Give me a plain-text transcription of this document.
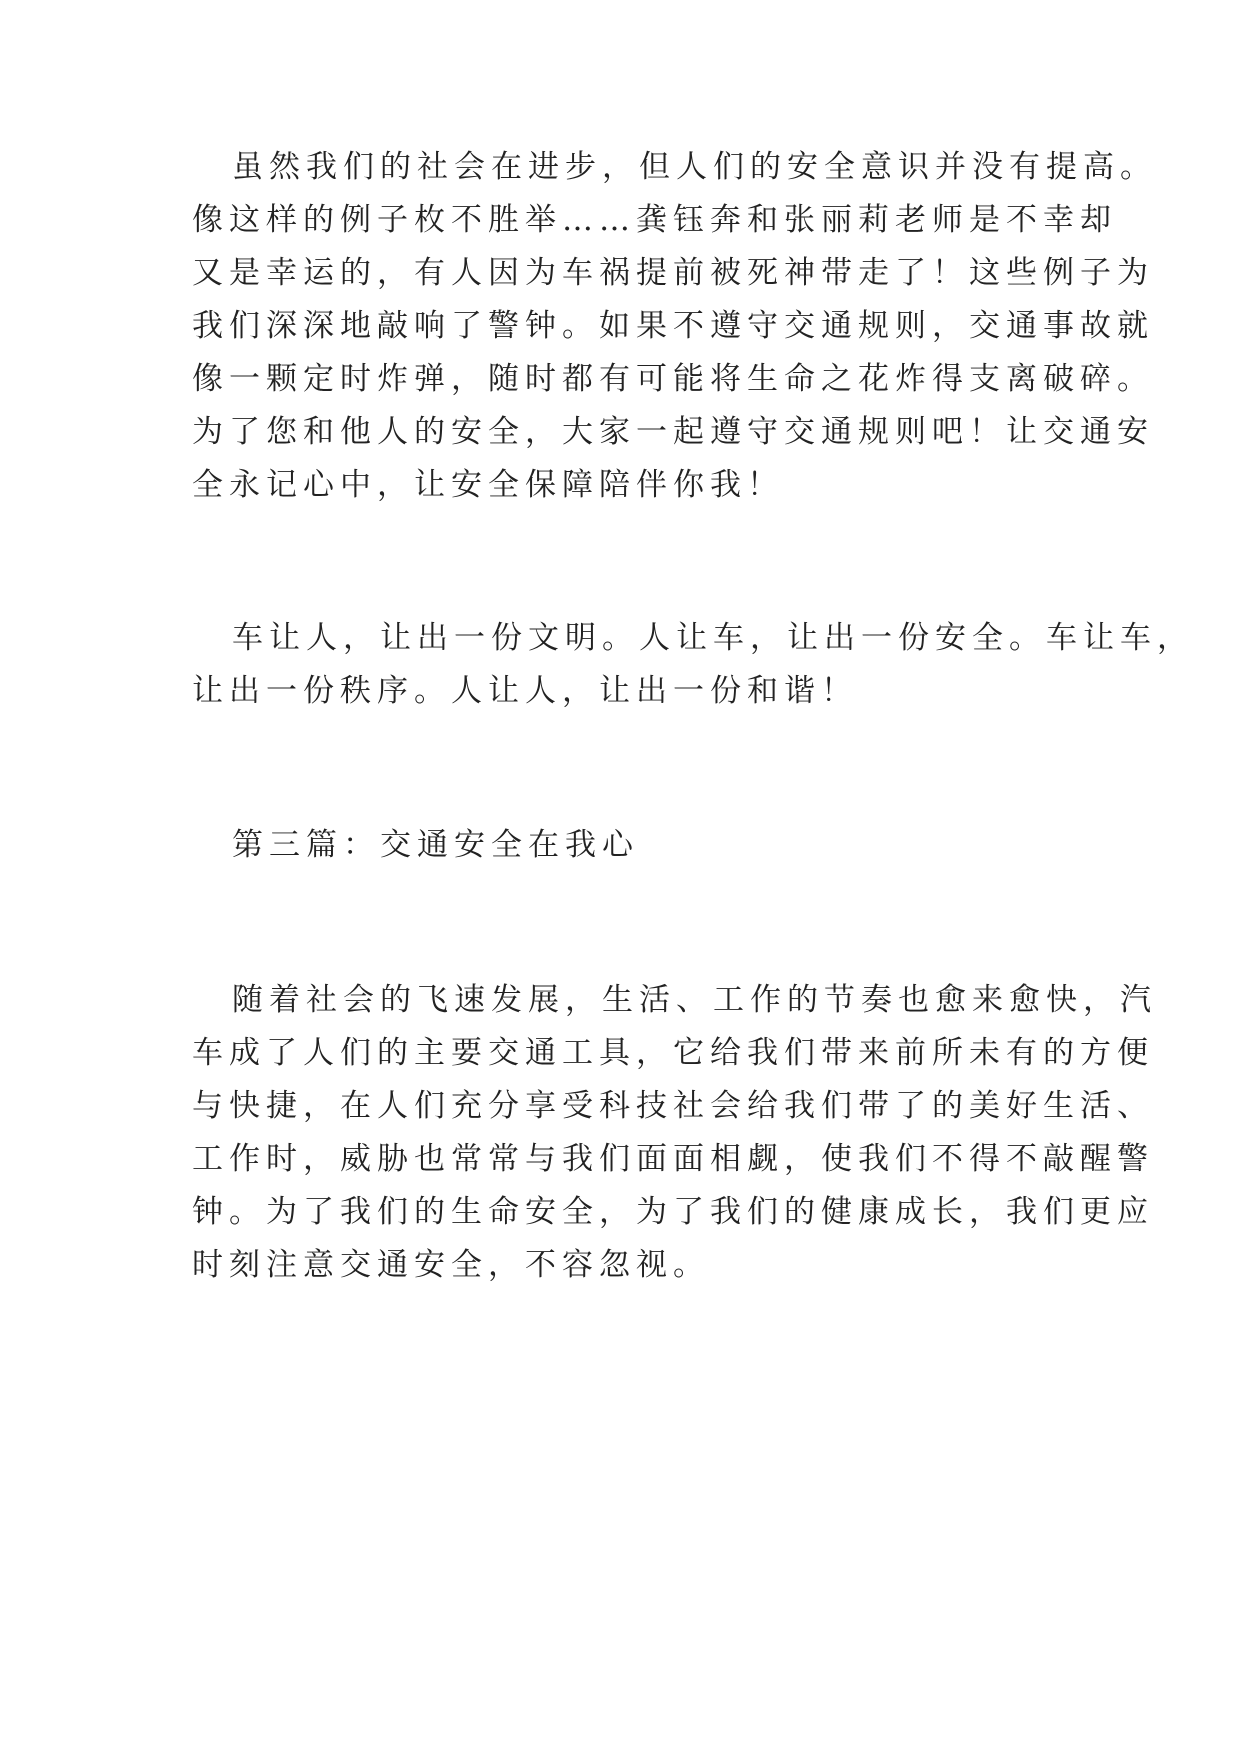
虽然我们的社会在进步，但人们的安全意识并没有提高。

像这样的例子枚不胜举……龚钰奔和张丽莉老师是不幸却

又是幸运的，有人因为车祸提前被死神带走了！这些例子为

我们深深地敲响了警钟。如果不遵守交通规则，交通事故就

像一颗定时炸弹，随时都有可能将生命之花炸得支离破碎。

为了您和他人的安全，大家一起遵守交通规则吧！让交通安

全永记心中，让安全保障陪伴你我！

车让人，让出一份文明。人让车，让出一份安全。车让车，

让出一份秩序。人让人，让出一份和谐！

第三篇：交通安全在我心

随着社会的飞速发展，生活、工作的节奏也愈来愈快，汽

车成了人们的主要交通工具，它给我们带来前所未有的方便

与快捷，在人们充分享受科技社会给我们带了的美好生活、

工作时，威胁也常常与我们面面相觑，使我们不得不敲醒警

钟。为了我们的生命安全，为了我们的健康成长，我们更应

时刻注意交通安全，不容忽视。
